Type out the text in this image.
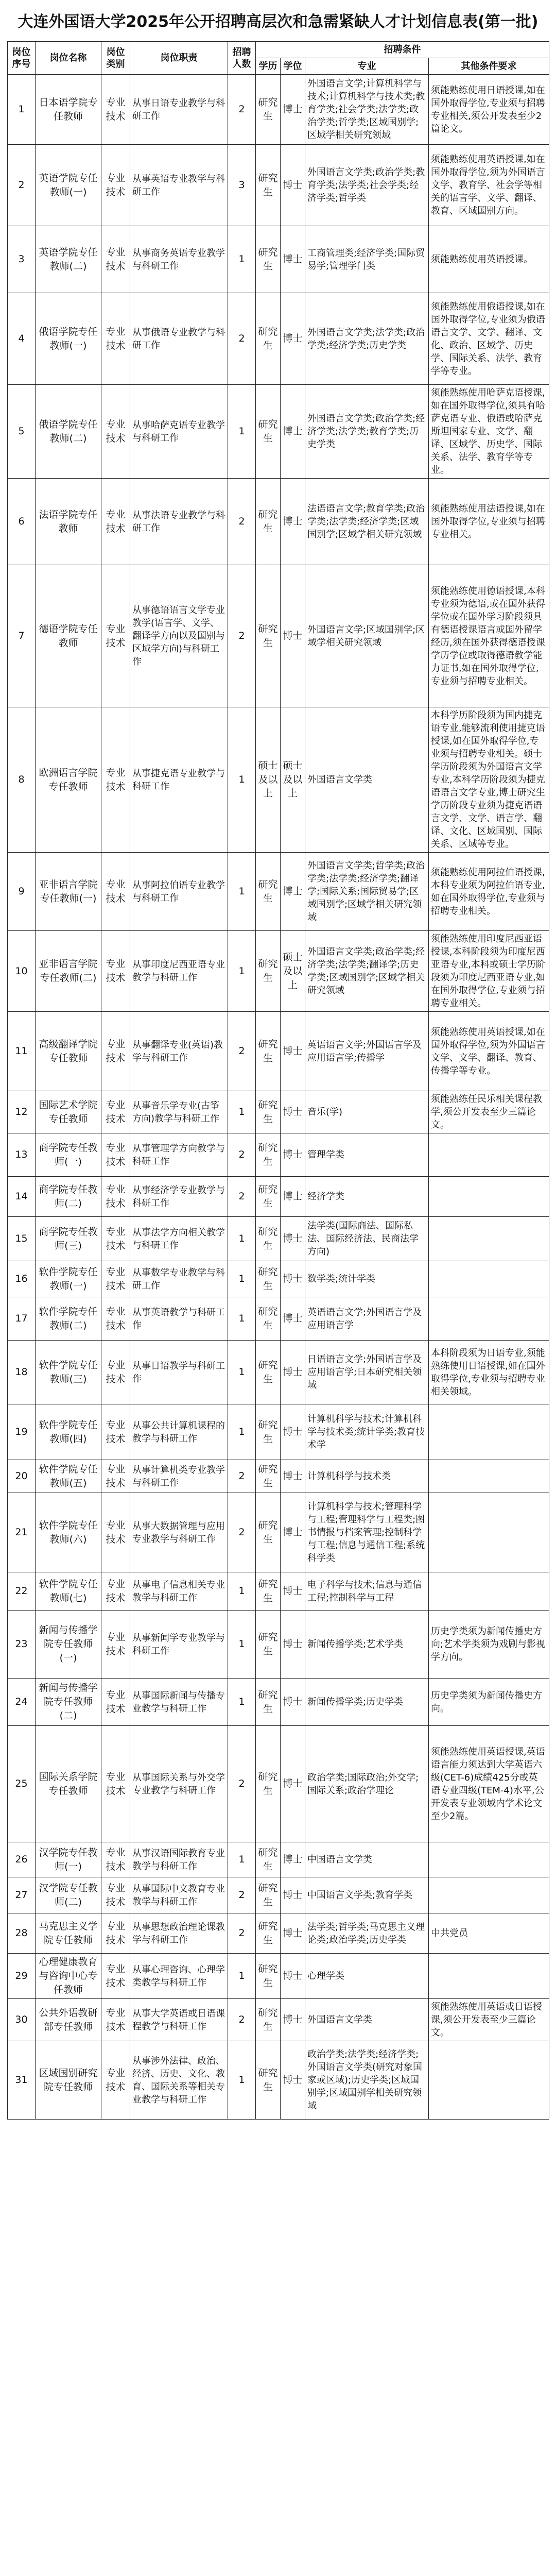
大连外国语大学2025年公开招聘高层次和急需紧缺人才计划信息表(第一批)
岗位序号	岗位名称	岗位类别	岗位职责	招聘人数	招聘条件			
					学历	学位	专业	其他条件要求
1	日本语学院专任教师	专业技术	从事日语专业教学与科研工作	2	研究生	博士	外国语言文学;计算机科学与技术;计算机科学与技术类;教育学类;社会学类;法学类;政治学类;哲学类;区域国别学;区域学相关研究领域	须能熟练使用日语授课,如在国外取得学位,专业须与招聘专业相关,须公开发表至少2篇论文。
2	英语学院专任教师(一)	专业技术	从事英语专业教学与科研工作	3	研究生	博士	外国语言文学类;政治学类;教育学类;法学类;社会学类;经济学类;哲学类	须能熟练使用英语授课,如在国外取得学位,须为外国语言文学、教育学、社会学等相关的语言学、文学、翻译、教育、区域国别方向。
3	英语学院专任教师(二)	专业技术	从事商务英语专业教学与科研工作	1	研究生	博士	工商管理类;经济学类;国际贸易学;管理学门类	须能熟练使用英语授课。
4	俄语学院专任教师(一)	专业技术	从事俄语专业教学与科研工作	2	研究生	博士	外国语言文学类;法学类;政治学类;经济学类;历史学类	须能熟练使用俄语授课,如在国外取得学位,专业须为俄语语言文学、文学、翻译、文化、政治、区域学、历史学、国际关系、法学、教育学等专业。
5	俄语学院专任教师(二)	专业技术	从事哈萨克语专业教学与科研工作	1	研究生	博士	外国语言文学类;政治学类;经济学类;法学类;教育学类;历史学类	须能熟练使用哈萨克语授课,如在国外取得学位,须具有哈萨克语专业、俄语或哈萨克斯坦国家专业、文学、翻译、区域学、历史学、国际关系、法学、教育学等专业。
6	法语学院专任教师	专业技术	从事法语专业教学与科研工作	2	研究生	博士	法语语言文学;教育学类;政治学类;法学类;经济学类;区域国别学;区域学相关研究领域	须能熟练使用法语授课,如在国外取得学位,专业须与招聘专业相关。
7	德语学院专任教师	专业技术	从事德语语言文学专业教学(语言学、文学、翻译学方向以及国别与区域学方向)与科研工作	2	研究生	博士	外国语言文学;区域国别学;区域学相关研究领域	须能熟练使用德语授课,本科专业须为德语,或在国外获得学位或在国外学习阶段须具有德语授课语言或国外留学经历,须在国外获得德语授课学历学位或取得德语教学能力证书,如在国外取得学位,专业须与招聘专业相关。
8	欧洲语言学院专任教师	专业技术	从事捷克语专业教学与科研工作	1	硕士及以上	硕士及以上	外国语言文学类	本科学历阶段须为国内捷克语专业,能够流利使用捷克语授课,如在国外取得学位,专业须与招聘专业相关。硕士学历阶段须为外国语言文学专业,本科学历阶段须为捷克语语言文学专业,博士研究生学历阶段专业须为捷克语语言文学、文学、语言学、翻译、文化、区域国别、国际关系、区域等专业。
9	亚非语言学院专任教师(一)	专业技术	从事阿拉伯语专业教学与科研工作	1	研究生	博士	外国语言文学类;哲学类;政治学类;法学类;经济学类;翻译学;国际关系;国际贸易学;区域国别学;区域学相关研究领域	须能熟练使用阿拉伯语授课,本科专业须为阿拉伯语专业,如在国外取得学位,专业须与招聘专业相关。
10	亚非语言学院专任教师(二)	专业技术	从事印度尼西亚语专业教学与科研工作	1	研究生	硕士及以上	外国语言文学类;政治学类;经济学类;法学类;翻译学;历史学类;区域国别学;区域学相关研究领域	须能熟练使用印度尼西亚语授课,本科阶段须为印度尼西亚语专业,本科或硕士学历阶段须为印度尼西亚语专业,如在国外取得学位,专业须与招聘专业相关。
11	高级翻译学院专任教师	专业技术	从事翻译专业(英语)教学与科研工作	2	研究生	博士	英语语言文学;外国语言学及应用语言学;传播学	须能熟练使用英语授课,如在国外取得学位,须为外国语言文学、文学、翻译、教育、传播学等专业。
12	国际艺术学院专任教师	专业技术	从事音乐学专业(古筝方向)教学与科研工作	1	研究生	博士	音乐(学)	须能熟练任民乐相关课程教学,须公开发表至少三篇论文。
13	商学院专任教师(一)	专业技术	从事管理学方向教学与科研工作	2	研究生	博士	管理学类	
14	商学院专任教师(二)	专业技术	从事经济学专业教学与科研工作	2	研究生	博士	经济学类	
15	商学院专任教师(三)	专业技术	从事法学方向相关教学与科研工作	1	研究生	博士	法学类(国际商法、国际私法、国际经济法、民商法学方向)	
16	软件学院专任教师(一)	专业技术	从事数学专业教学与科研工作	1	研究生	博士	数学类;统计学类	
17	软件学院专任教师(二)	专业技术	从事英语教学与科研工作	1	研究生	博士	英语语言文学;外国语言学及应用语言学	
18	软件学院专任教师(三)	专业技术	从事日语教学与科研工作	1	研究生	博士	日语语言文学;外国语言学及应用语言学;日本研究相关领域	本科阶段须为日语专业,须能熟练使用日语授课,如在国外取得学位,专业须与招聘专业相关领域。
19	软件学院专任教师(四)	专业技术	从事公共计算机课程的教学与科研工作	1	研究生	博士	计算机科学与技术;计算机科学与技术类;统计学类;教育技术学	
20	软件学院专任教师(五)	专业技术	从事计算机类专业教学与科研工作	2	研究生	博士	计算机科学与技术类	
21	软件学院专任教师(六)	专业技术	从事大数据管理与应用专业教学与科研工作	2	研究生	博士	计算机科学与技术;管理科学与工程;管理科学与工程类;图书情报与档案管理;控制科学与工程;信息与通信工程;系统科学类	
22	软件学院专任教师(七)	专业技术	从事电子信息相关专业教学与科研工作	1	研究生	博士	电子科学与技术;信息与通信工程;控制科学与工程	
23	新闻与传播学院专任教师(一)	专业技术	从事新闻学专业教学与科研工作	1	研究生	博士	新闻传播学类;艺术学类	历史学类须为新闻传播史方向;艺术学类须为戏剧与影视学方向。
24	新闻与传播学院专任教师(二)	专业技术	从事国际新闻与传播专业教学与科研工作	1	研究生	博士	新闻传播学类;历史学类	历史学类须为新闻传播史方向。
25	国际关系学院专任教师	专业技术	从事国际关系与外交学专业教学与科研工作	2	研究生	博士	政治学类;国际政治;外交学;国际关系;政治学理论	须能熟练使用英语授课,英语语言能力须达到大学英语六级(CET-6)成绩425分或英语专业四级(TEM-4)水平,公开发表专业领域内学术论文至少2篇。
26	汉学院专任教师(一)	专业技术	从事汉语国际教育专业教学与科研工作	1	研究生	博士	中国语言文学类	
27	汉学院专任教师(二)	专业技术	从事国际中文教育专业教学与科研工作	2	研究生	博士	中国语言文学类;教育学类	
28	马克思主义学院专任教师	专业技术	从事思想政治理论课教学与科研工作	2	研究生	博士	法学类;哲学类;马克思主义理论类;政治学类;历史学类	中共党员
29	心理健康教育与咨询中心专任教师	专业技术	从事心理咨询、心理学类教学与科研工作	1	研究生	博士	心理学类	
30	公共外语教研部专任教师	专业技术	从事大学英语或日语课程教学与科研工作	2	研究生	博士	外国语言文学类	须能熟练使用英语或日语授课,须公开发表至少三篇论文。
31	区域国别研究院专任教师	专业技术	从事涉外法律、政治、经济、历史、文化、教育、国际关系等相关专业教学与科研工作	1	研究生	博士	政治学类;法学类;经济学类;外国语言文学类(研究对象国家或区域);历史学类;区域国别学;区域国别学相关研究领域	
